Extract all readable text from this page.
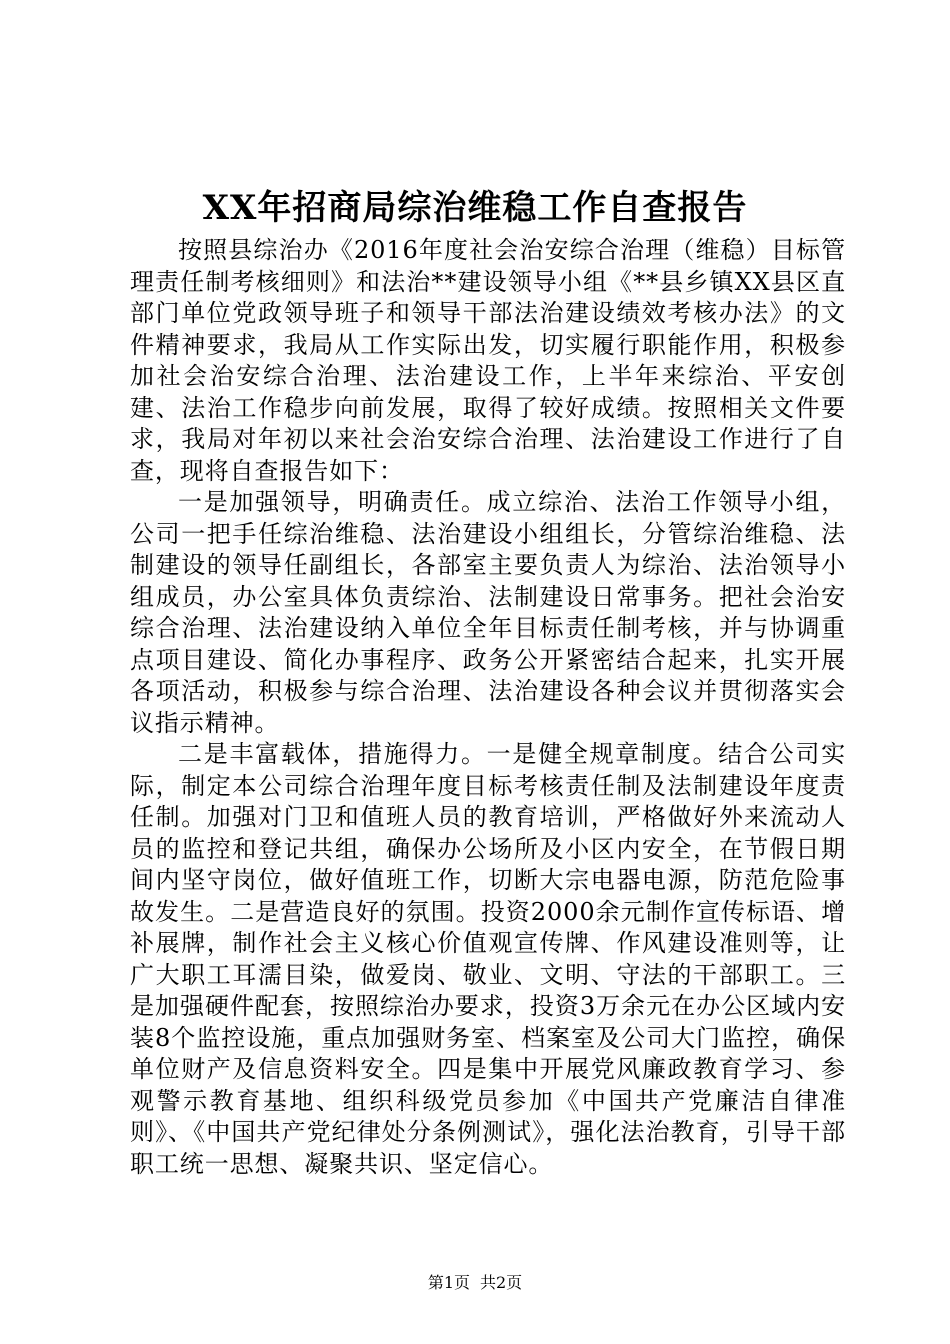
XX年招商局综治维稳工作自查报告

按照县综治办《2016年度社会治安综合治理（维稳）目标管理责任制考核细则》和法治**建设领导小组《**县乡镇XX县区直部门单位党政领导班子和领导干部法治建设绩效考核办法》的文件精神要求，我局从工作实际出发，切实履行职能作用，积极参加社会治安综合治理、法治建设工作，上半年来综治、平安创建、法治工作稳步向前发展，取得了较好成绩。按照相关文件要求，我局对年初以来社会治安综合治理、法治建设工作进行了自查，现将自查报告如下：

一是加强领导，明确责任。成立综治、法治工作领导小组，公司一把手任综治维稳、法治建设小组组长，分管综治维稳、法制建设的领导任副组长，各部室主要负责人为综治、法治领导小组成员，办公室具体负责综治、法制建设日常事务。把社会治安综合治理、法治建设纳入单位全年目标责任制考核，并与协调重点项目建设、简化办事程序、政务公开紧密结合起来，扎实开展各项活动，积极参与综合治理、法治建设各种会议并贯彻落实会议指示精神。

二是丰富载体，措施得力。一是健全规章制度。结合公司实际，制定本公司综合治理年度目标考核责任制及法制建设年度责任制。加强对门卫和值班人员的教育培训，严格做好外来流动人员的监控和登记共组，确保办公场所及小区内安全，在节假日期间内坚守岗位，做好值班工作，切断大宗电器电源，防范危险事故发生。二是营造良好的氛围。投资2000余元制作宣传标语、增补展牌，制作社会主义核心价值观宣传牌、作风建设准则等，让广大职工耳濡目染，做爱岗、敬业、文明、守法的干部职工。三是加强硬件配套，按照综治办要求，投资3万余元在办公区域内安装8个监控设施，重点加强财务室、档案室及公司大门监控，确保单位财产及信息资料安全。四是集中开展党风廉政教育学习、参观警示教育基地、组织科级党员参加《中国共产党廉洁自律准则》、《中国共产党纪律处分条例测试》，强化法治教育，引导干部职工统一思想、凝聚共识、坚定信心。

第1页 共2页
